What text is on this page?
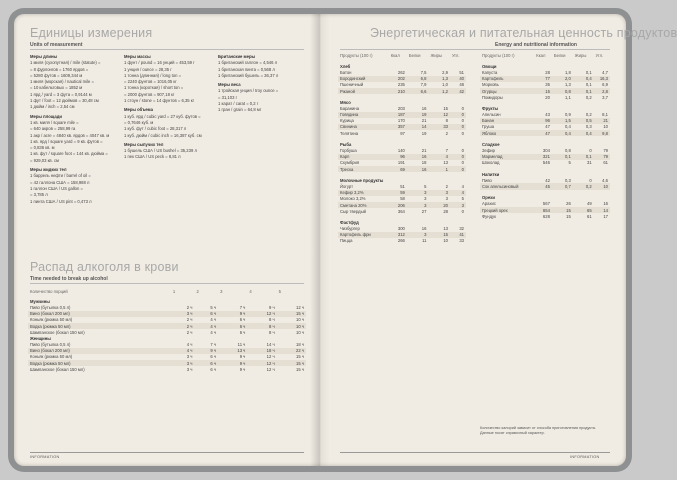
Единицы измерения
Units of measurement
Меры длины
1 миля (сухопутная) / mile (statute) =
= 8 фурлонгов = 1760 ярдов =
= 5280 футов = 1609,344 м
1 миля (морская) / nautical mile =
= 10 кабельтовых = 1852 м
1 ярд / yard = 3 фута = 0,9144 м
1 фут / foot = 12 дюймов = 30,48 см
1 дюйм / inch = 2,54 см
Меры площади
1 кв. миля / square mile =
= 640 акров = 258,99 га
1 акр / acre = 4840 кв. ярдов = 4047 кв. м
1 кв. ярд / square yard = 9 кв. футов =
= 0,836 кв. м
1 кв. фут / square foot = 144 кв. дюйма =
= 929,03 кв. см
Меры жидких тел
1 баррель нефти / barrel of oil =
= 42 галлона США = 158,988 л
1 галлон США / US gallon =
= 3,785 л
1 пинта США / US pint = 0,473 л
Меры массы
1 фунт / pound = 16 унций = 453,59 г
1 унция / ounce = 28,35 г
1 тонна (длинная) / long ton =
= 2240 фунтов = 1016,05 кг
1 тонна (короткая) / short ton =
= 2000 фунтов = 907,18 кг
1 стоун / stone = 14 фунтов = 6,35 кг
Меры объема
1 куб. ярд / cubic yard = 27 куб. футов =
= 0,7646 куб. м
1 куб. фут / cubic foot = 28,317 л
1 куб. дюйм / cubic inch = 16,387 куб. см
Меры сыпучих тел
1 бушель США / US bushel = 35,239 л
1 пек США / US peck = 8,81 л
Британские меры
1 британский галлон = 4,546 л
1 британская пинта = 0,568 л
1 британский бушель = 36,37 л
Меры веса
1 тройская унция / troy ounce =
= 31,103 г
1 карат / carat = 0,2 г
1 гран / grain = 64,8 мг
Распад алкоголя в крови
Time needed to break up alcohol
Количество порций	1	2	3	4	5

Мужчины					
Пиво (бутылка 0,5 л)	2 ч	5 ч	7 ч	9 ч	12 ч
Вино (бокал 200 мл)	3 ч	6 ч	9 ч	12 ч	15 ч
Коньяк (рюмка 50 мл)	2 ч	4 ч	6 ч	8 ч	10 ч
Водка (рюмка 50 мл)	2 ч	4 ч	6 ч	8 ч	10 ч
Шампанское (бокал 150 мл)	2 ч	4 ч	6 ч	8 ч	10 ч
Женщины					
Пиво (бутылка 0,5 л)	4 ч	7 ч	11 ч	14 ч	18 ч
Вино (бокал 200 мл)	4 ч	9 ч	13 ч	18 ч	22 ч
Коньяк (рюмка 50 мл)	3 ч	6 ч	9 ч	12 ч	15 ч
Водка (рюмка 50 мл)	3 ч	6 ч	9 ч	12 ч	15 ч
Шампанское (бокал 150 мл)	3 ч	6 ч	9 ч	12 ч	15 ч
INFORMATION
Энергетическая и питательная ценность продуктов
Energy and nutritional information
Продукты (100 г)	Ккал	Белки	Жиры	Угл.

Хлеб				
Батон	262	7,5	2,9	51
Бородинский	202	6,8	1,3	40
Пшеничный	235	7,9	1,0	48
Ржаной	210	6,6	1,2	42

Мясо				
Баранина	203	16	15	0
Говядина	187	19	12	0
Курица	170	21	8	0
Свинина	357	14	33	0
Телятина	97	19	2	0

Рыба				
Горбуша	140	21	7	0
Карп	96	16	4	0
Скумбрия	191	18	13	0
Треска	69	16	1	0

Молочные продукты				
Йогурт	51	5	2	4
Кефир 3,2%	59	3	3	4
Молоко 3,2%	58	3	3	5
Сметана 20%	206	3	20	3
Сыр твердый	364	27	28	0

Фастфуд				
Чизбургер	300	16	13	32
Картофель фри	312	3	15	41
Пицца	266	11	10	33
Продукты (100 г)	Ккал	Белки	Жиры	Угл.

Овощи				
Капуста	28	1,8	0,1	4,7
Картофель	77	2,0	0,4	16,3
Морковь	35	1,3	0,1	6,9
Огурцы	15	0,8	0,1	2,8
Помидоры	20	1,1	0,2	3,7

Фрукты				
Апельсин	43	0,9	0,2	8,1
Банан	96	1,5	0,5	21
Груша	47	0,4	0,3	10
Яблоко	47	0,4	0,4	9,8

Сладкое				
Зефир	304	0,8	0	79
Мармелад	321	0,1	0,1	79
Шоколад	546	5	31	61

Напитки				
Пиво	42	0,3	0	4,6
Сок апельсиновый	45	0,7	0,2	10

Орехи				
Арахис	567	26	49	16
Грецкий орех	654	15	65	14
Фундук	628	15	61	17
Количество калорий зависит от способа приготовления продукта.
Данные носят справочный характер.
INFORMATION
